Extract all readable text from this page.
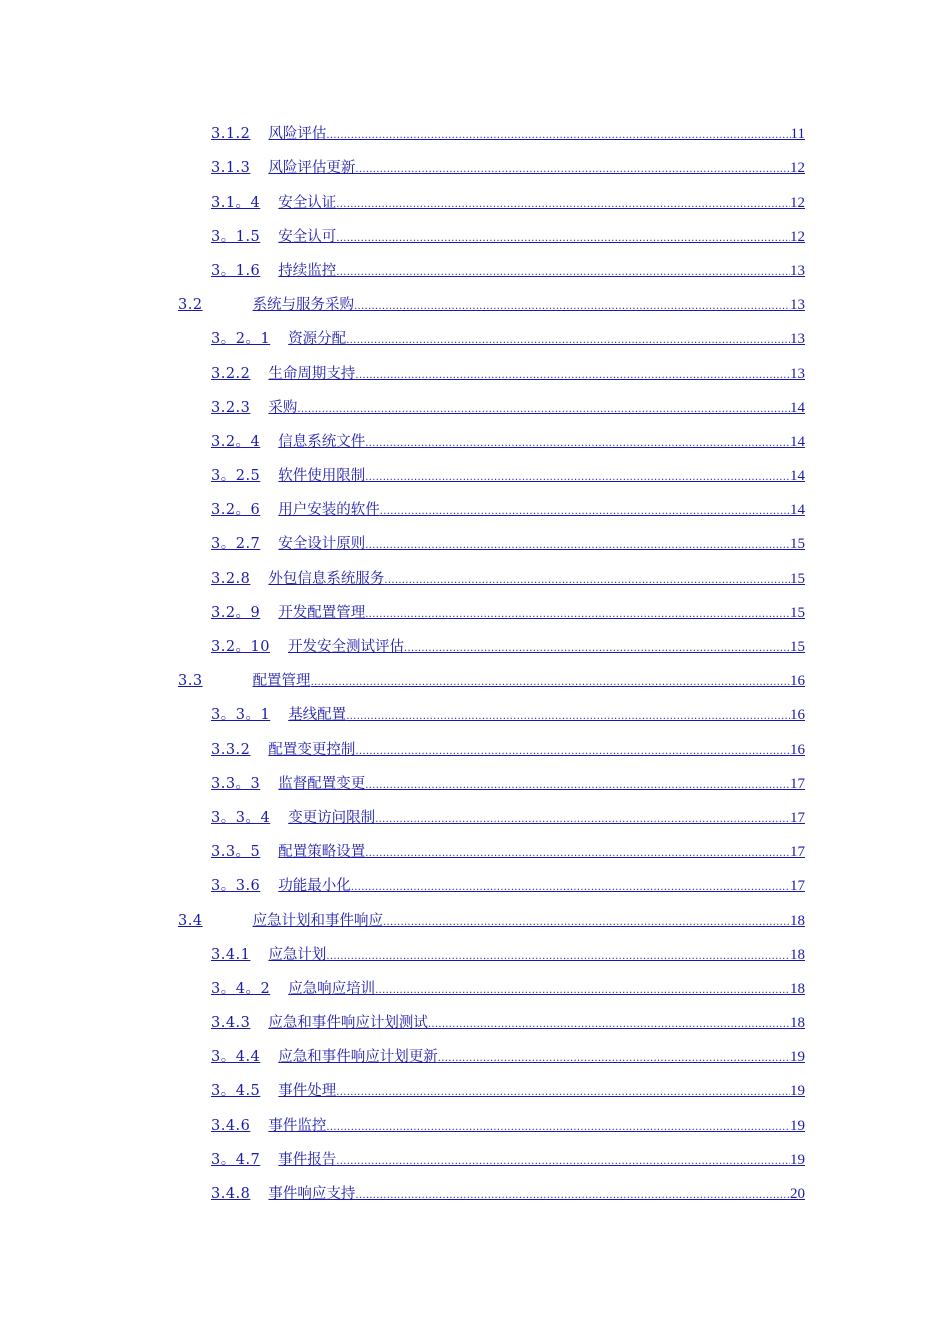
3.1.2 风险评估 .....	11
3.1.3 风险评估更新 .....	12
3.1。4 安全认证 .....	12
3。1.5 安全认可 .....	12
3。1.6 持续监控 .....	13
3.2	系统与服务采购 .....	13
3。2。1 资源分配 .....	13
3.2.2 生命周期支持 .....	13
3.2.3 采购 .....	14
3.2。4 信息系统文件 .....	14
3。2.5 软件使用限制 .....	14
3.2。6 用户安装的软件 .....	14
3。2.7 安全设计原则 .....	15
3.2.8 外包信息系统服务 .....	15
3.2。9 开发配置管理 .....	15
3.2。10 开发安全测试评估 .....	15
3.3	配置管理 .....	16
3。3。1 基线配置 .....	16
3.3.2 配置变更控制 .....	16
3.3。3 监督配置变更 .....	17
3。3。4 变更访问限制 .....	17
3.3。5 配置策略设置 .....	17
3。3.6 功能最小化 .....	17
3.4	应急计划和事件响应 .....	18
3.4.1 应急计划 .....	18
3。4。2 应急响应培训 .....	18
3.4.3 应急和事件响应计划测试 .....	18
3。4.4 应急和事件响应计划更新 .....	19
3。4.5 事件处理 .....	19
3.4.6 事件监控 .....	19
3。4.7 事件报告 .....	19
3.4.8 事件响应支持 .....	20
